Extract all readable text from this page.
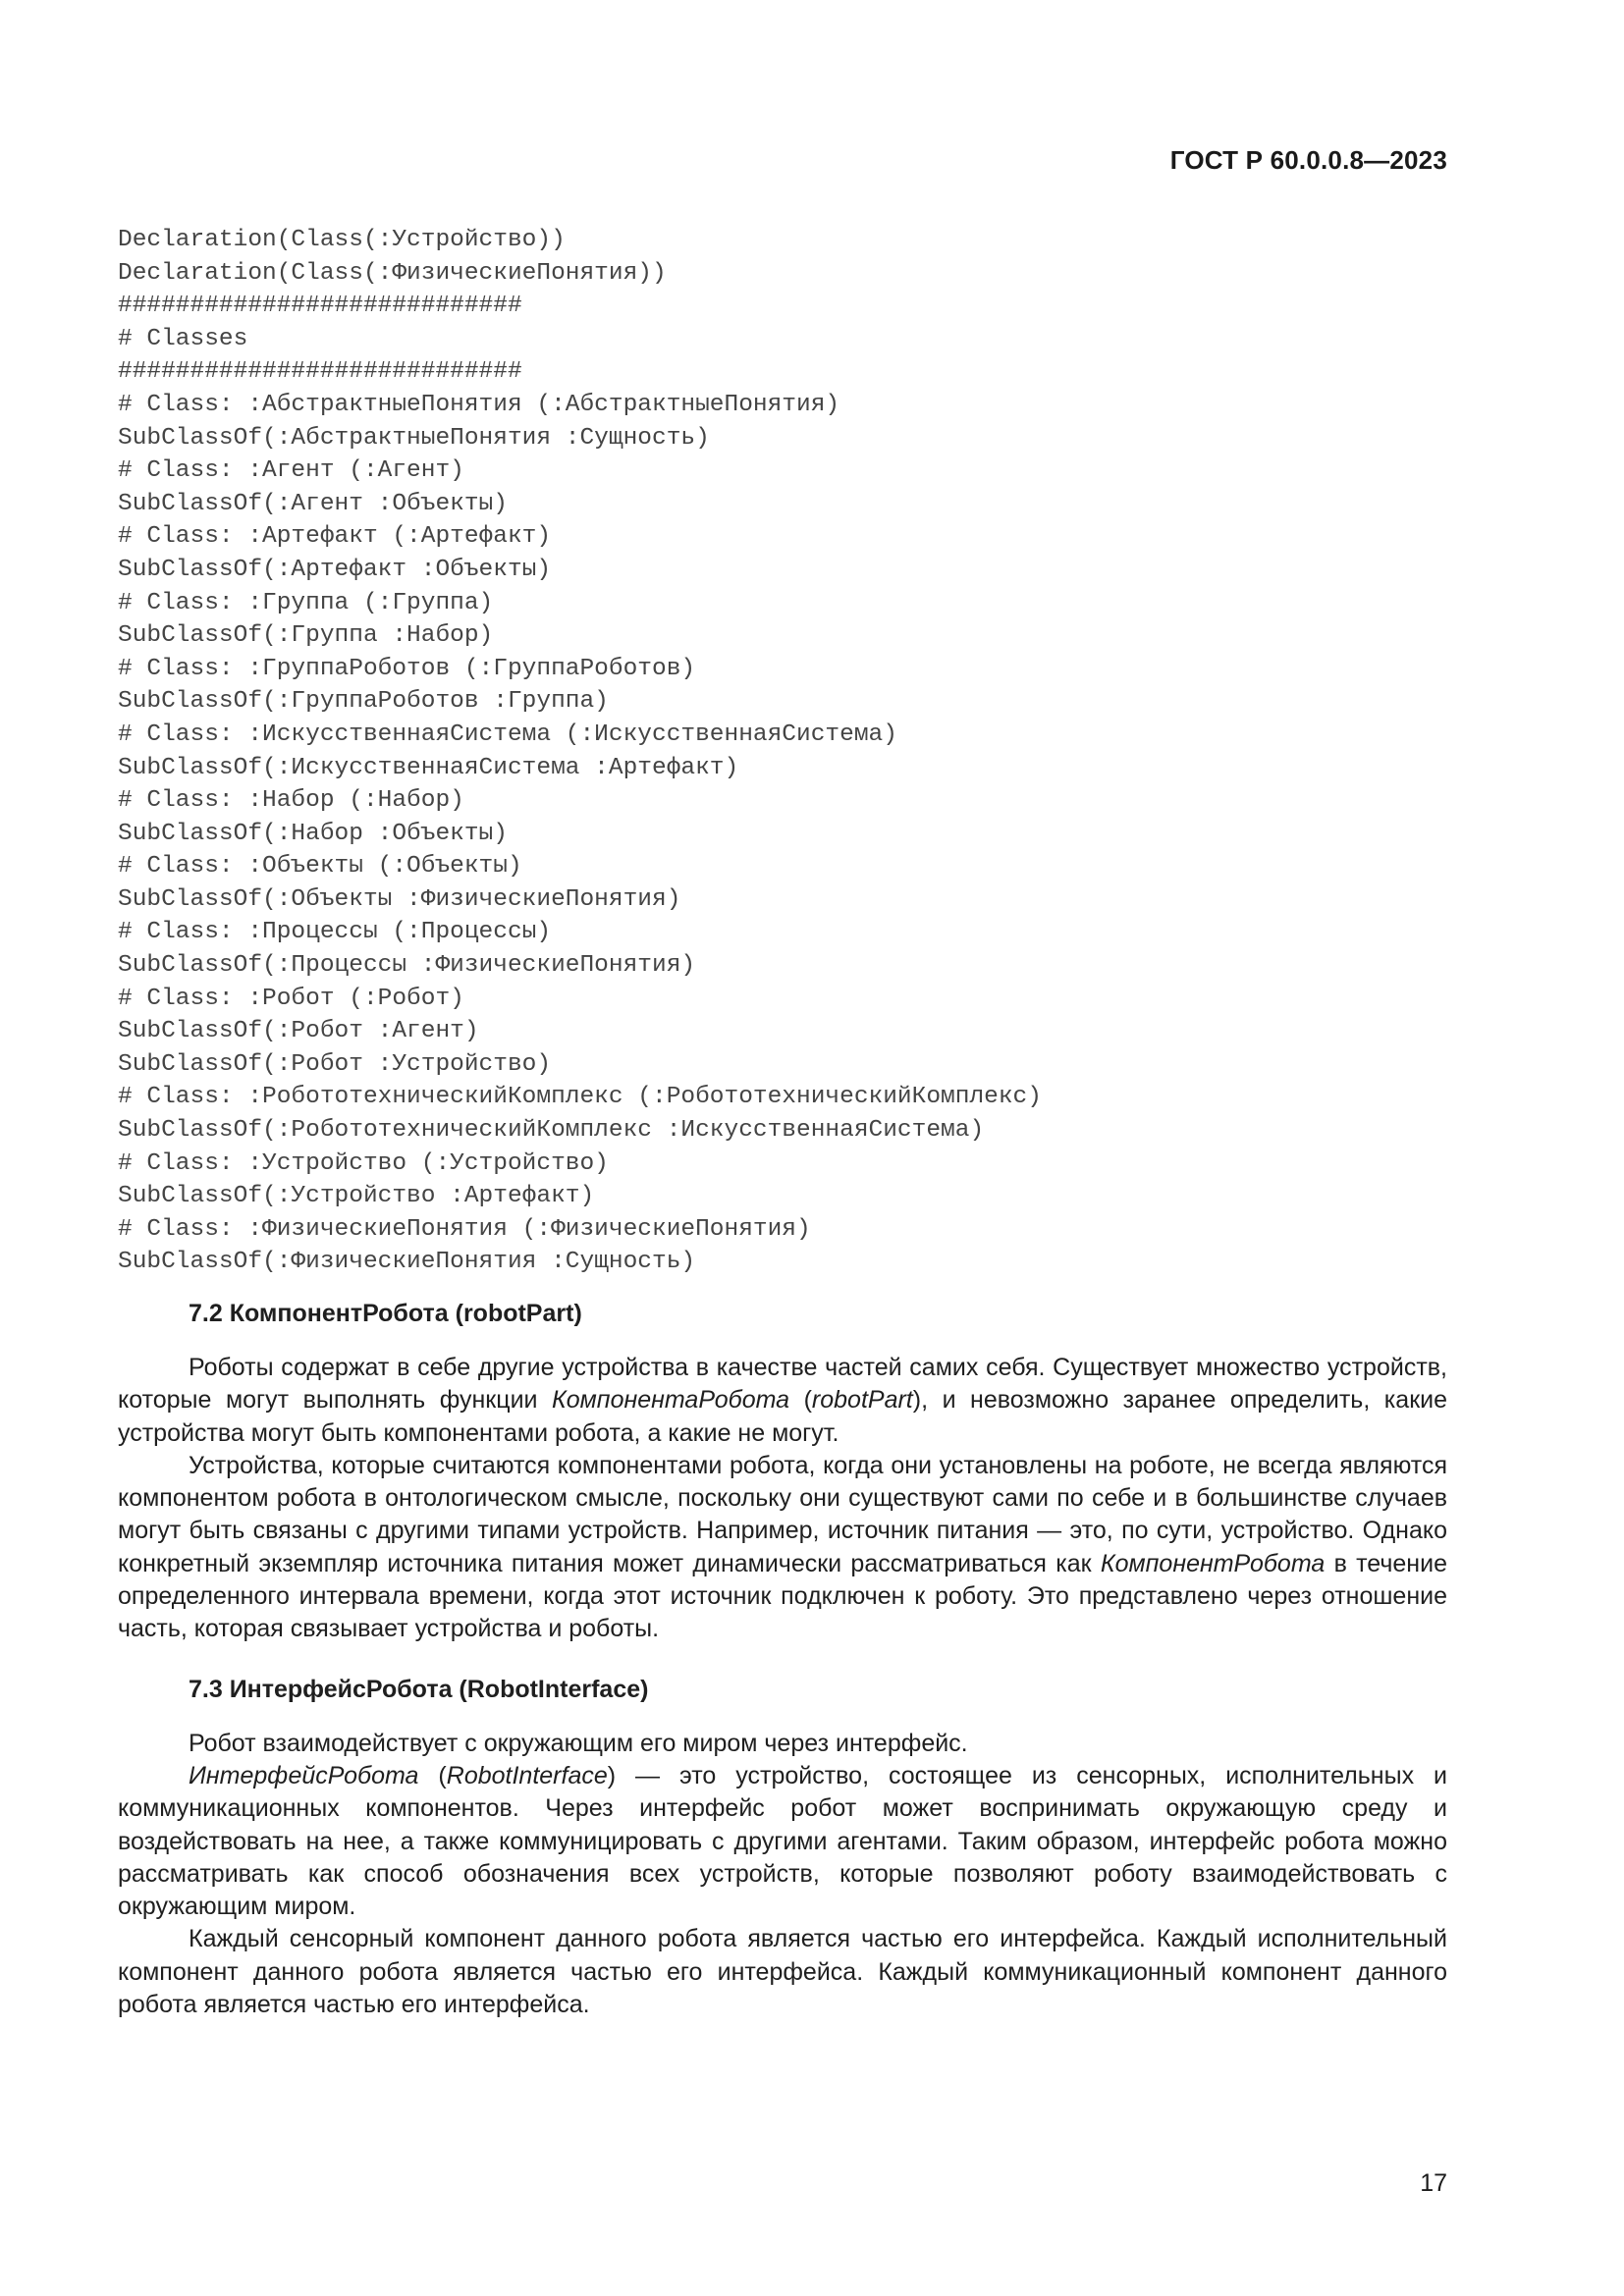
ГОСТ Р 60.0.0.8—2023
Declaration(Class(:Устройство))
Declaration(Class(:ФизическиеПонятия))
############################
# Classes
############################
# Class: :АбстрактныеПонятия (:АбстрактныеПонятия)
SubClassOf(:АбстрактныеПонятия :Сущность)
# Class: :Агент (:Агент)
SubClassOf(:Агент :Объекты)
# Class: :Артефакт (:Артефакт)
SubClassOf(:Артефакт :Объекты)
# Class: :Группа (:Группа)
SubClassOf(:Группа :Набор)
# Class: :ГруппаРоботов (:ГруппаРоботов)
SubClassOf(:ГруппаРоботов :Группа)
# Class: :ИскусственнаяСистема (:ИскусственнаяСистема)
SubClassOf(:ИскусственнаяСистема :Артефакт)
# Class: :Набор (:Набор)
SubClassOf(:Набор :Объекты)
# Class: :Объекты (:Объекты)
SubClassOf(:Объекты :ФизическиеПонятия)
# Class: :Процессы (:Процессы)
SubClassOf(:Процессы :ФизическиеПонятия)
# Class: :Робот (:Робот)
SubClassOf(:Робот :Агент)
SubClassOf(:Робот :Устройство)
# Class: :РобототехническийКомплекс (:РобототехническийКомплекс)
SubClassOf(:РобототехническийКомплекс :ИскусственнаяСистема)
# Class: :Устройство (:Устройство)
SubClassOf(:Устройство :Артефакт)
# Class: :ФизическиеПонятия (:ФизическиеПонятия)
SubClassOf(:ФизическиеПонятия :Сущность)
7.2 КомпонентРобота (robotPart)

Роботы содержат в себе другие устройства в качестве частей самих себя. Существует множество устройств, которые могут выполнять функции КомпонентаРобота (robotPart), и невозможно заранее определить, какие устройства могут быть компонентами робота, а какие не могут.

Устройства, которые считаются компонентами робота, когда они установлены на роботе, не всегда являются компонентом робота в онтологическом смысле, поскольку они существуют сами по себе и в большинстве случаев могут быть связаны с другими типами устройств. Например, источник питания — это, по сути, устройство. Однако конкретный экземпляр источника питания может динамически рассматриваться как КомпонентРобота в течение определенного интервала времени, когда этот источник подключен к роботу. Это представлено через отношение часть, которая связывает устройства и роботы.

7.3 ИнтерфейсРобота (RobotInterface)

Робот взаимодействует с окружающим его миром через интерфейс.

ИнтерфейсРобота (RobotInterface) — это устройство, состоящее из сенсорных, исполнительных и коммуникационных компонентов. Через интерфейс робот может воспринимать окружающую среду и воздействовать на нее, а также коммуницировать с другими агентами. Таким образом, интерфейс робота можно рассматривать как способ обозначения всех устройств, которые позволяют роботу взаимодействовать с окружающим миром.

Каждый сенсорный компонент данного робота является частью его интерфейса. Каждый исполнительный компонент данного робота является частью его интерфейса. Каждый коммуникационный компонент данного робота является частью его интерфейса.

17
